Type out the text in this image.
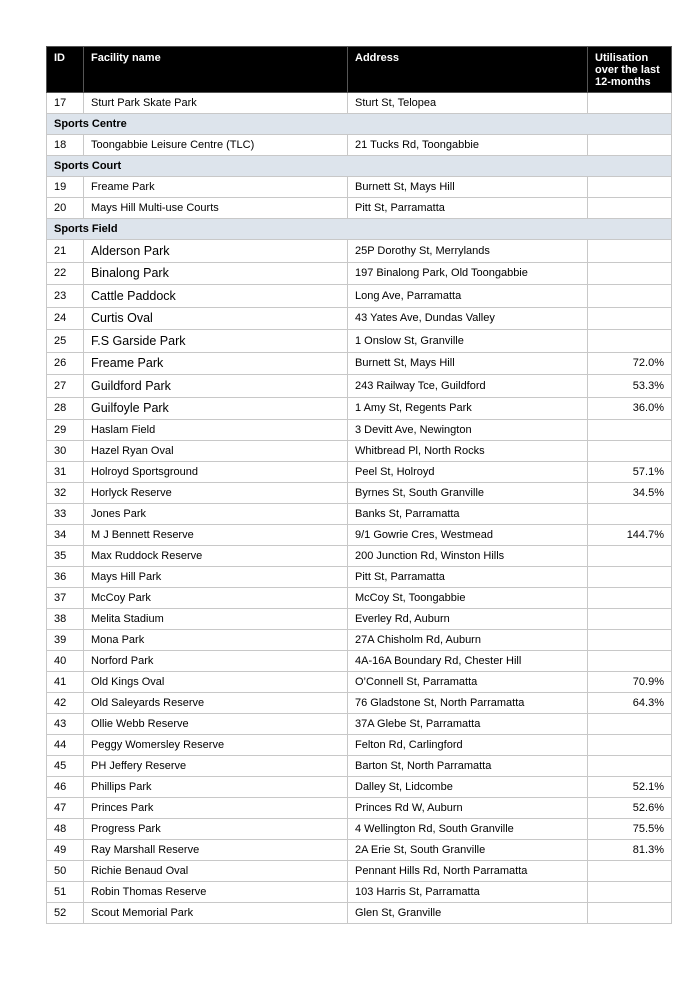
ID	Facility name	Address	Utilisation over the last 12-months
17	Sturt Park Skate Park	Sturt St, Telopea	
Sports Centre			
18	Toongabbie Leisure Centre (TLC)	21 Tucks Rd, Toongabbie	
Sports Court			
19	Freame Park	Burnett St, Mays Hill	
20	Mays Hill Multi-use Courts	Pitt St, Parramatta	
Sports Field			
21	Alderson Park	25P Dorothy St, Merrylands	
22	Binalong Park	197 Binalong Park, Old Toongabbie	
23	Cattle Paddock	Long Ave, Parramatta	
24	Curtis Oval	43 Yates Ave, Dundas Valley	
25	F.S Garside Park	1 Onslow St, Granville	
26	Freame Park	Burnett St, Mays Hill	72.0%
27	Guildford Park	243 Railway Tce, Guildford	53.3%
28	Guilfoyle Park	1 Amy St, Regents Park	36.0%
29	Haslam Field	3 Devitt Ave, Newington	
30	Hazel Ryan Oval	Whitbread Pl, North Rocks	
31	Holroyd Sportsground	Peel St, Holroyd	57.1%
32	Horlyck Reserve	Byrnes St, South Granville	34.5%
33	Jones Park	Banks St, Parramatta	
34	M J Bennett Reserve	9/1 Gowrie Cres, Westmead	144.7%
35	Max Ruddock Reserve	200 Junction Rd, Winston Hills	
36	Mays Hill Park	Pitt St, Parramatta	
37	McCoy Park	McCoy St, Toongabbie	
38	Melita Stadium	Everley Rd, Auburn	
39	Mona Park	27A Chisholm Rd, Auburn	
40	Norford Park	4A-16A Boundary Rd, Chester Hill	
41	Old Kings Oval	O’Connell St, Parramatta	70.9%
42	Old Saleyards Reserve	76 Gladstone St, North Parramatta	64.3%
43	Ollie Webb Reserve	37A Glebe St, Parramatta	
44	Peggy Womersley Reserve	Felton Rd, Carlingford	
45	PH Jeffery Reserve	Barton St, North Parramatta	
46	Phillips Park	Dalley St, Lidcombe	52.1%
47	Princes Park	Princes Rd W, Auburn	52.6%
48	Progress Park	4 Wellington Rd, South Granville	75.5%
49	Ray Marshall Reserve	2A Erie St, South Granville	81.3%
50	Richie Benaud Oval	Pennant Hills Rd, North Parramatta	
51	Robin Thomas Reserve	103 Harris St, Parramatta	
52	Scout Memorial Park	Glen St, Granville	
